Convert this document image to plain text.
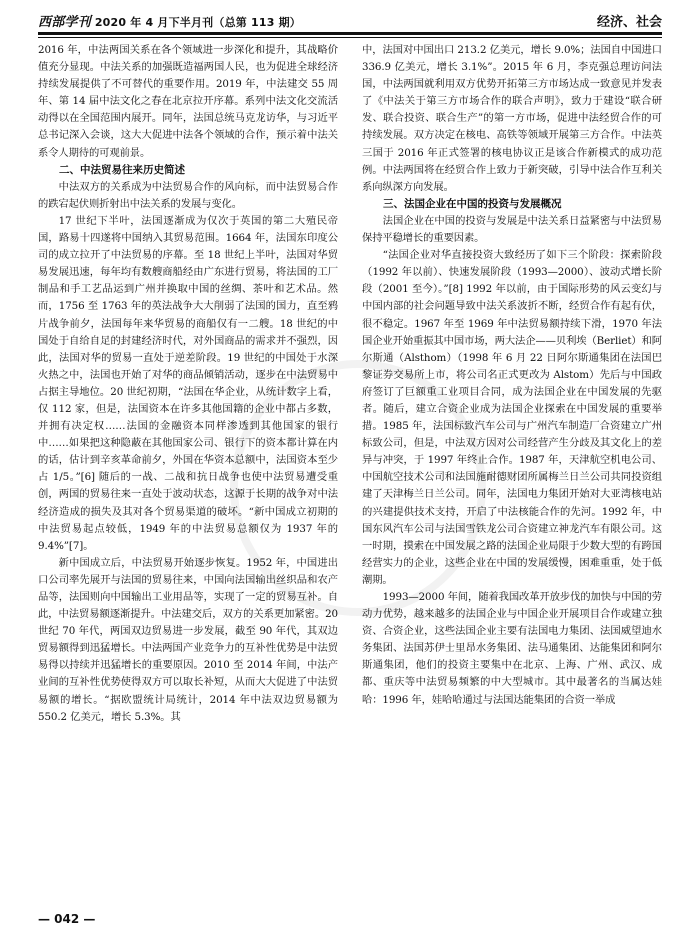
西部学刊 2020 年 4 月下半月刊（总第 113 期）	经济、社会

2016 年，中法两国关系在各个领域进一步深化和提升，其战略价值充分显现。中法关系的加强既造福两国人民，也为促进全球经济持续发展提供了不可替代的重要作用。2019 年，中法建交 55 周年、第 14 届中法文化之春在北京拉开序幕。系列中法文化交流活动得以在全国范围内展开。同年，法国总统马克龙访华，与习近平总书记深入会谈，这大大促进中法各个领域的合作，预示着中法关系令人期待的可观前景。

二、中法贸易往来历史简述

中法双方的关系成为中法贸易合作的风向标，而中法贸易合作的跌宕起伏则折射出中法关系的发展与变化。

17 世纪下半叶，法国逐渐成为仅次于英国的第二大殖民帝国，路易十四遂将中国纳入其贸易范围。1664 年，法国东印度公司的成立拉开了中法贸易的序幕。至 18 世纪上半叶，法国对华贸易发展迅速，每年均有数艘商船经由广东进行贸易，将法国的工厂制品和手工艺品运到广州并换取中国的丝绸、茶叶和艺术品。然而，1756 至 1763 年的英法战争大大削弱了法国的国力，直至鸦片战争前夕，法国每年来华贸易的商船仅有一二艘。18 世纪的中国处于自给自足的封建经济时代，对外国商品的需求并不强烈，因此，法国对华的贸易一直处于逆差阶段。19 世纪的中国处于水深火热之中，法国也开始了对华的商品倾销活动，逐步在中法贸易中占据主导地位。20 世纪初期，“法国在华企业，从统计数字上看，仅 112 家，但是，法国资本在许多其他国籍的企业中都占多数，并拥有决定权……法国的金融资本同样渗透到其他国家的银行中……如果把这种隐蔽在其他国家公司、银行下的资本都计算在内的话，估计到辛亥革命前夕，外国在华资本总额中，法国资本至少占 1/5。”[6] 随后的一战、二战和抗日战争也使中法贸易遭受重创，两国的贸易往来一直处于波动状态，这源于长期的战争对中法经济造成的损失及其对各个贸易渠道的破坏。“新中国成立初期的中法贸易起点较低，1949 年的中法贸易总额仅为 1937 年的 9.4%”[7]。

新中国成立后，中法贸易开始逐步恢复。1952 年，中国进出口公司率先展开与法国的贸易往来，中国向法国输出丝织品和农产品等，法国则向中国输出工业用品等，实现了一定的贸易互补。自此，中法贸易额逐渐提升。中法建交后，双方的关系更加紧密。20 世纪 70 年代，两国双边贸易进一步发展，截至 90 年代，其双边贸易额得到迅猛增长。中法两国产业竞争力的互补性优势是中法贸易得以持续并迅猛增长的重要原因。2010 至 2014 年间，中法产业间的互补性优势使得双方可以取长补短，从而大大促进了中法贸易额的增长。“据欧盟统计局统计，2014 年中法双边贸易额为 550.2 亿美元，增长 5.3%。其

中，法国对中国出口 213.2 亿美元，增长 9.0%；法国自中国进口 336.9 亿美元，增长 3.1%”。2015 年 6 月，李克强总理访问法国，中法两国就利用双方优势开拓第三方市场达成一致意见并发表了《中法关于第三方市场合作的联合声明》，致力于建设“联合研发、联合投资、联合生产”的第一方市场，促进中法经贸合作的可持续发展。双方决定在核电、高铁等领域开展第三方合作。中法英三国于 2016 年正式签署的核电协议正是该合作新模式的成功范例。中法两国将在经贸合作上致力于新突破，引导中法合作互利关系向纵深方向发展。

三、法国企业在中国的投资与发展概况

法国企业在中国的投资与发展是中法关系日益紧密与中法贸易保持平稳增长的重要因素。

“法国企业对华直接投资大致经历了如下三个阶段：探索阶段（1992 年以前）、快速发展阶段（1993—2000）、波动式增长阶段（2001 至今）。”[8] 1992 年以前，由于国际形势的风云变幻与中国内部的社会问题导致中法关系波折不断，经贸合作有起有伏，很不稳定。1967 年至 1969 年中法贸易额持续下滑，1970 年法国企业开始重振其中国市场，两大法企——贝利埃（Berliet）和阿尔斯通（Alsthom）（1998 年 6 月 22 日阿尔斯通集团在法国巴黎证券交易所上市，将公司名正式更改为 Alstom）先后与中国政府签订了巨额重工业项目合同，成为法国企业在中国发展的先驱者。随后，建立合资企业成为法国企业探索在中国发展的重要举措。1985 年，法国标致汽车公司与广州汽车制造厂合资建立广州标致公司，但是，中法双方因对公司经营产生分歧及其文化上的差异与冲突，于 1997 年终止合作。1987 年，天津航空机电公司、中国航空技术公司和法国施耐德财团所属梅兰日兰公司共同投资组建了天津梅兰日兰公司。同年，法国电力集团开始对大亚湾核电站的兴建提供技术支持，开启了中法核能合作的先河。1992 年，中国东风汽车公司与法国雪铁龙公司合资建立神龙汽车有限公司。这一时期，摸索在中国发展之路的法国企业局限于少数大型的有跨国经营实力的企业，这些企业在中国的发展缓慢，困难重重，处于低潮期。

1993—2000 年间，随着我国改革开放步伐的加快与中国的劳动力优势，越来越多的法国企业与中国企业开展项目合作或建立独资、合资企业，这些法国企业主要有法国电力集团、法国威望迪水务集团、法国苏伊士里昂水务集团、法马通集团、达能集团和阿尔斯通集团，他们的投资主要集中在北京、上海、广州、武汉、成都、重庆等中法贸易频繁的中大型城市。其中最著名的当属达娃哈：1996 年，娃哈哈通过与法国达能集团的合资一举成

— 042 —
